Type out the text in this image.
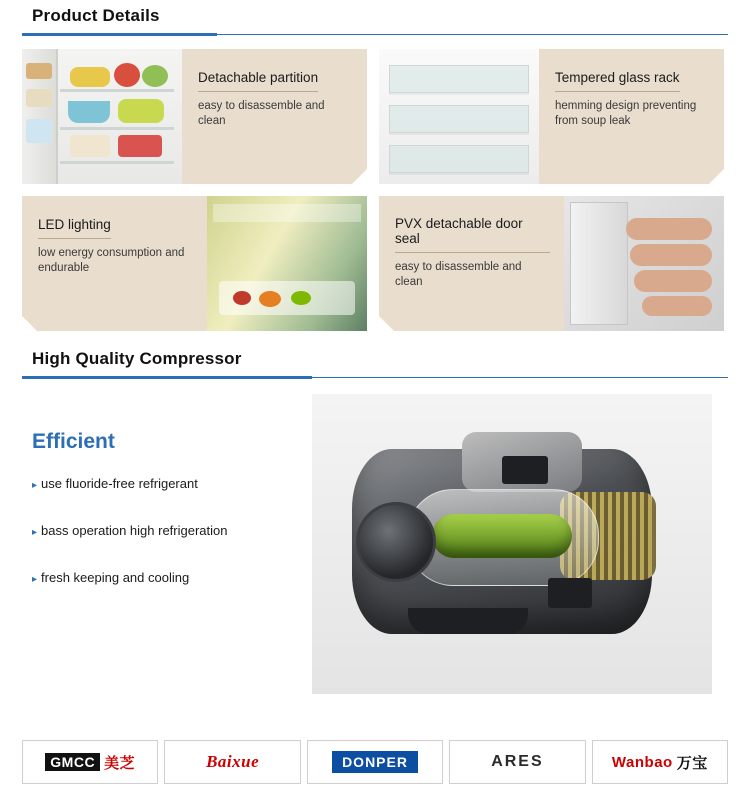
Product Details
Detachable partition

easy to disassemble and clean

Tempered glass rack

hemming design preventing from soup leak

LED lighting

low energy consumption and endurable

PVX detachable door seal

easy to disassemble and clean

High Quality Compressor
Efficient
▸ use fluoride-free refrigerant
▸ bass operation high refrigeration
▸ fresh keeping and cooling
GMCC 美芝	Baixue	DONPER	ARES	Wanbao 万宝
